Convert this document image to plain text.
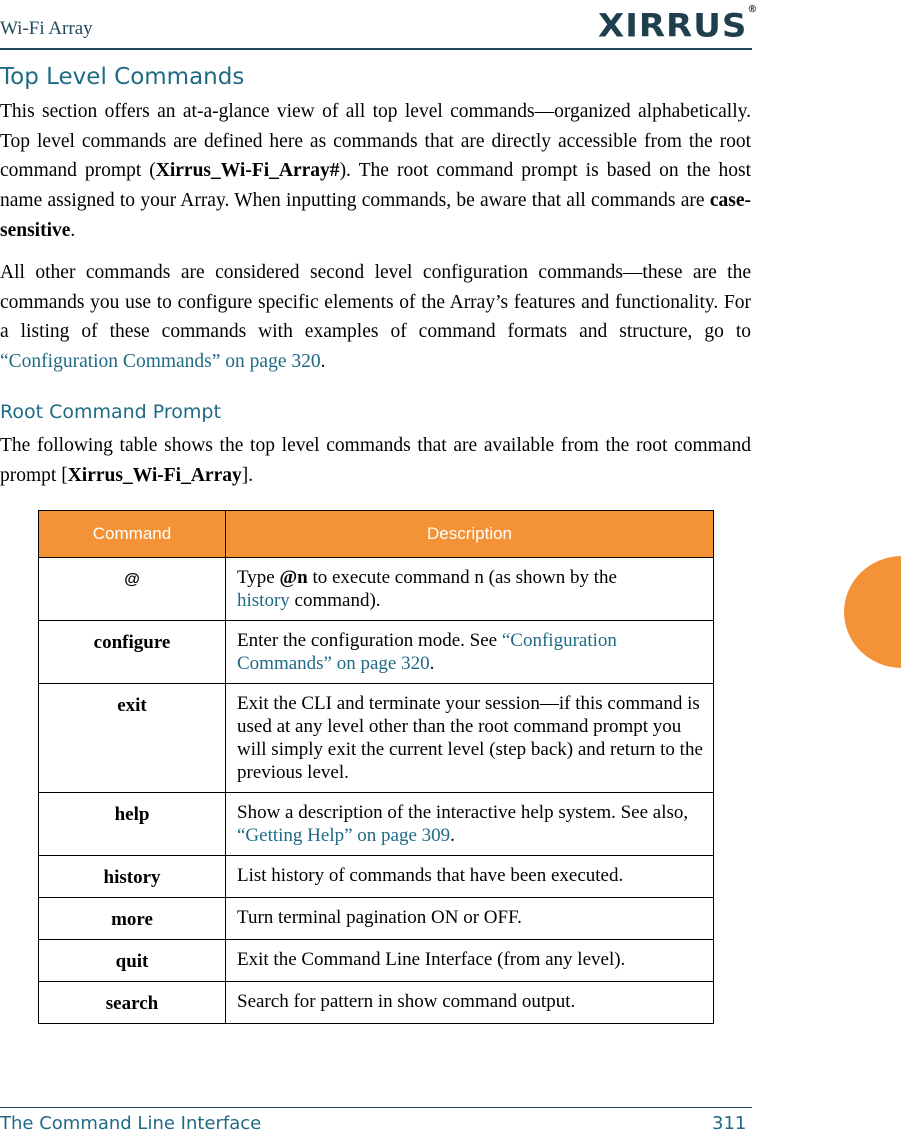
Wi-Fi Array	XIRRUS®
Top Level Commands

This section offers an at-a-glance view of all top level commands—organized alphabetically. Top level commands are defined here as commands that are directly accessible from the root command prompt (Xirrus_Wi-Fi_Array#). The root command prompt is based on the host name assigned to your Array. When inputting commands, be aware that all commands are case-sensitive.

All other commands are considered second level configuration commands—these are the commands you use to configure specific elements of the Array’s features and functionality. For a listing of these commands with examples of command formats and structure, go to “Configuration Commands” on page 320.

Root Command Prompt

The following table shows the top level commands that are available from the root command prompt [Xirrus_Wi-Fi_Array].

Command	Description
@	Type @n to execute command n (as shown by the
history command).
configure	Enter the configuration mode. See “Configuration Commands” on page 320.
exit	Exit the CLI and terminate your session—if this command is used at any level other than the root command prompt you will simply exit the current level (step back) and return to the previous level.
help	Show a description of the interactive help system. See also, “Getting Help” on page 309.
history	List history of commands that have been executed.
more	Turn terminal pagination ON or OFF.
quit	Exit the Command Line Interface (from any level).
search	Search for pattern in show command output.
The Command Line Interface	311
